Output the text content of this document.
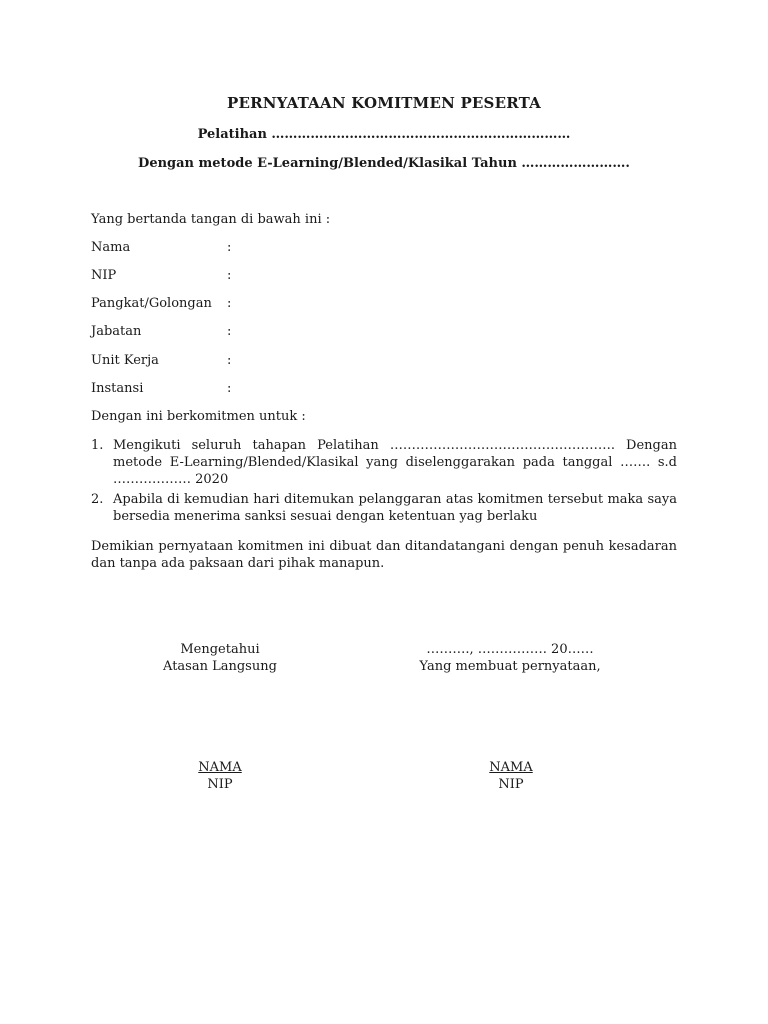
PERNYATAAN KOMITMEN PESERTA
Pelatihan ……………………………………………………………
Dengan metode E-Learning/Blended/Klasikal Tahun …………………….
Yang bertanda tangan di bawah ini :
Nama	:
NIP	:
Pangkat/Golongan :
Jabatan	:
Unit Kerja	:
Instansi	:
Dengan ini berkomitmen untuk :
1. Mengikuti seluruh tahapan Pelatihan ……………………………………………. Dengan metode E-Learning/Blended/Klasikal yang diselenggarakan pada tanggal ……. s.d ……………… 2020
2. Apabila di kemudian hari ditemukan pelanggaran atas komitmen tersebut maka saya bersedia menerima sanksi sesuai dengan ketentuan yag berlaku
Demikian pernyataan komitmen ini dibuat dan ditandatangani dengan penuh kesadaran dan tanpa ada paksaan dari pihak manapun.
Mengetahui
Atasan Langsung
………., ……………. 20……
Yang membuat pernyataan,
NAMA
NIP
NAMA
NIP
